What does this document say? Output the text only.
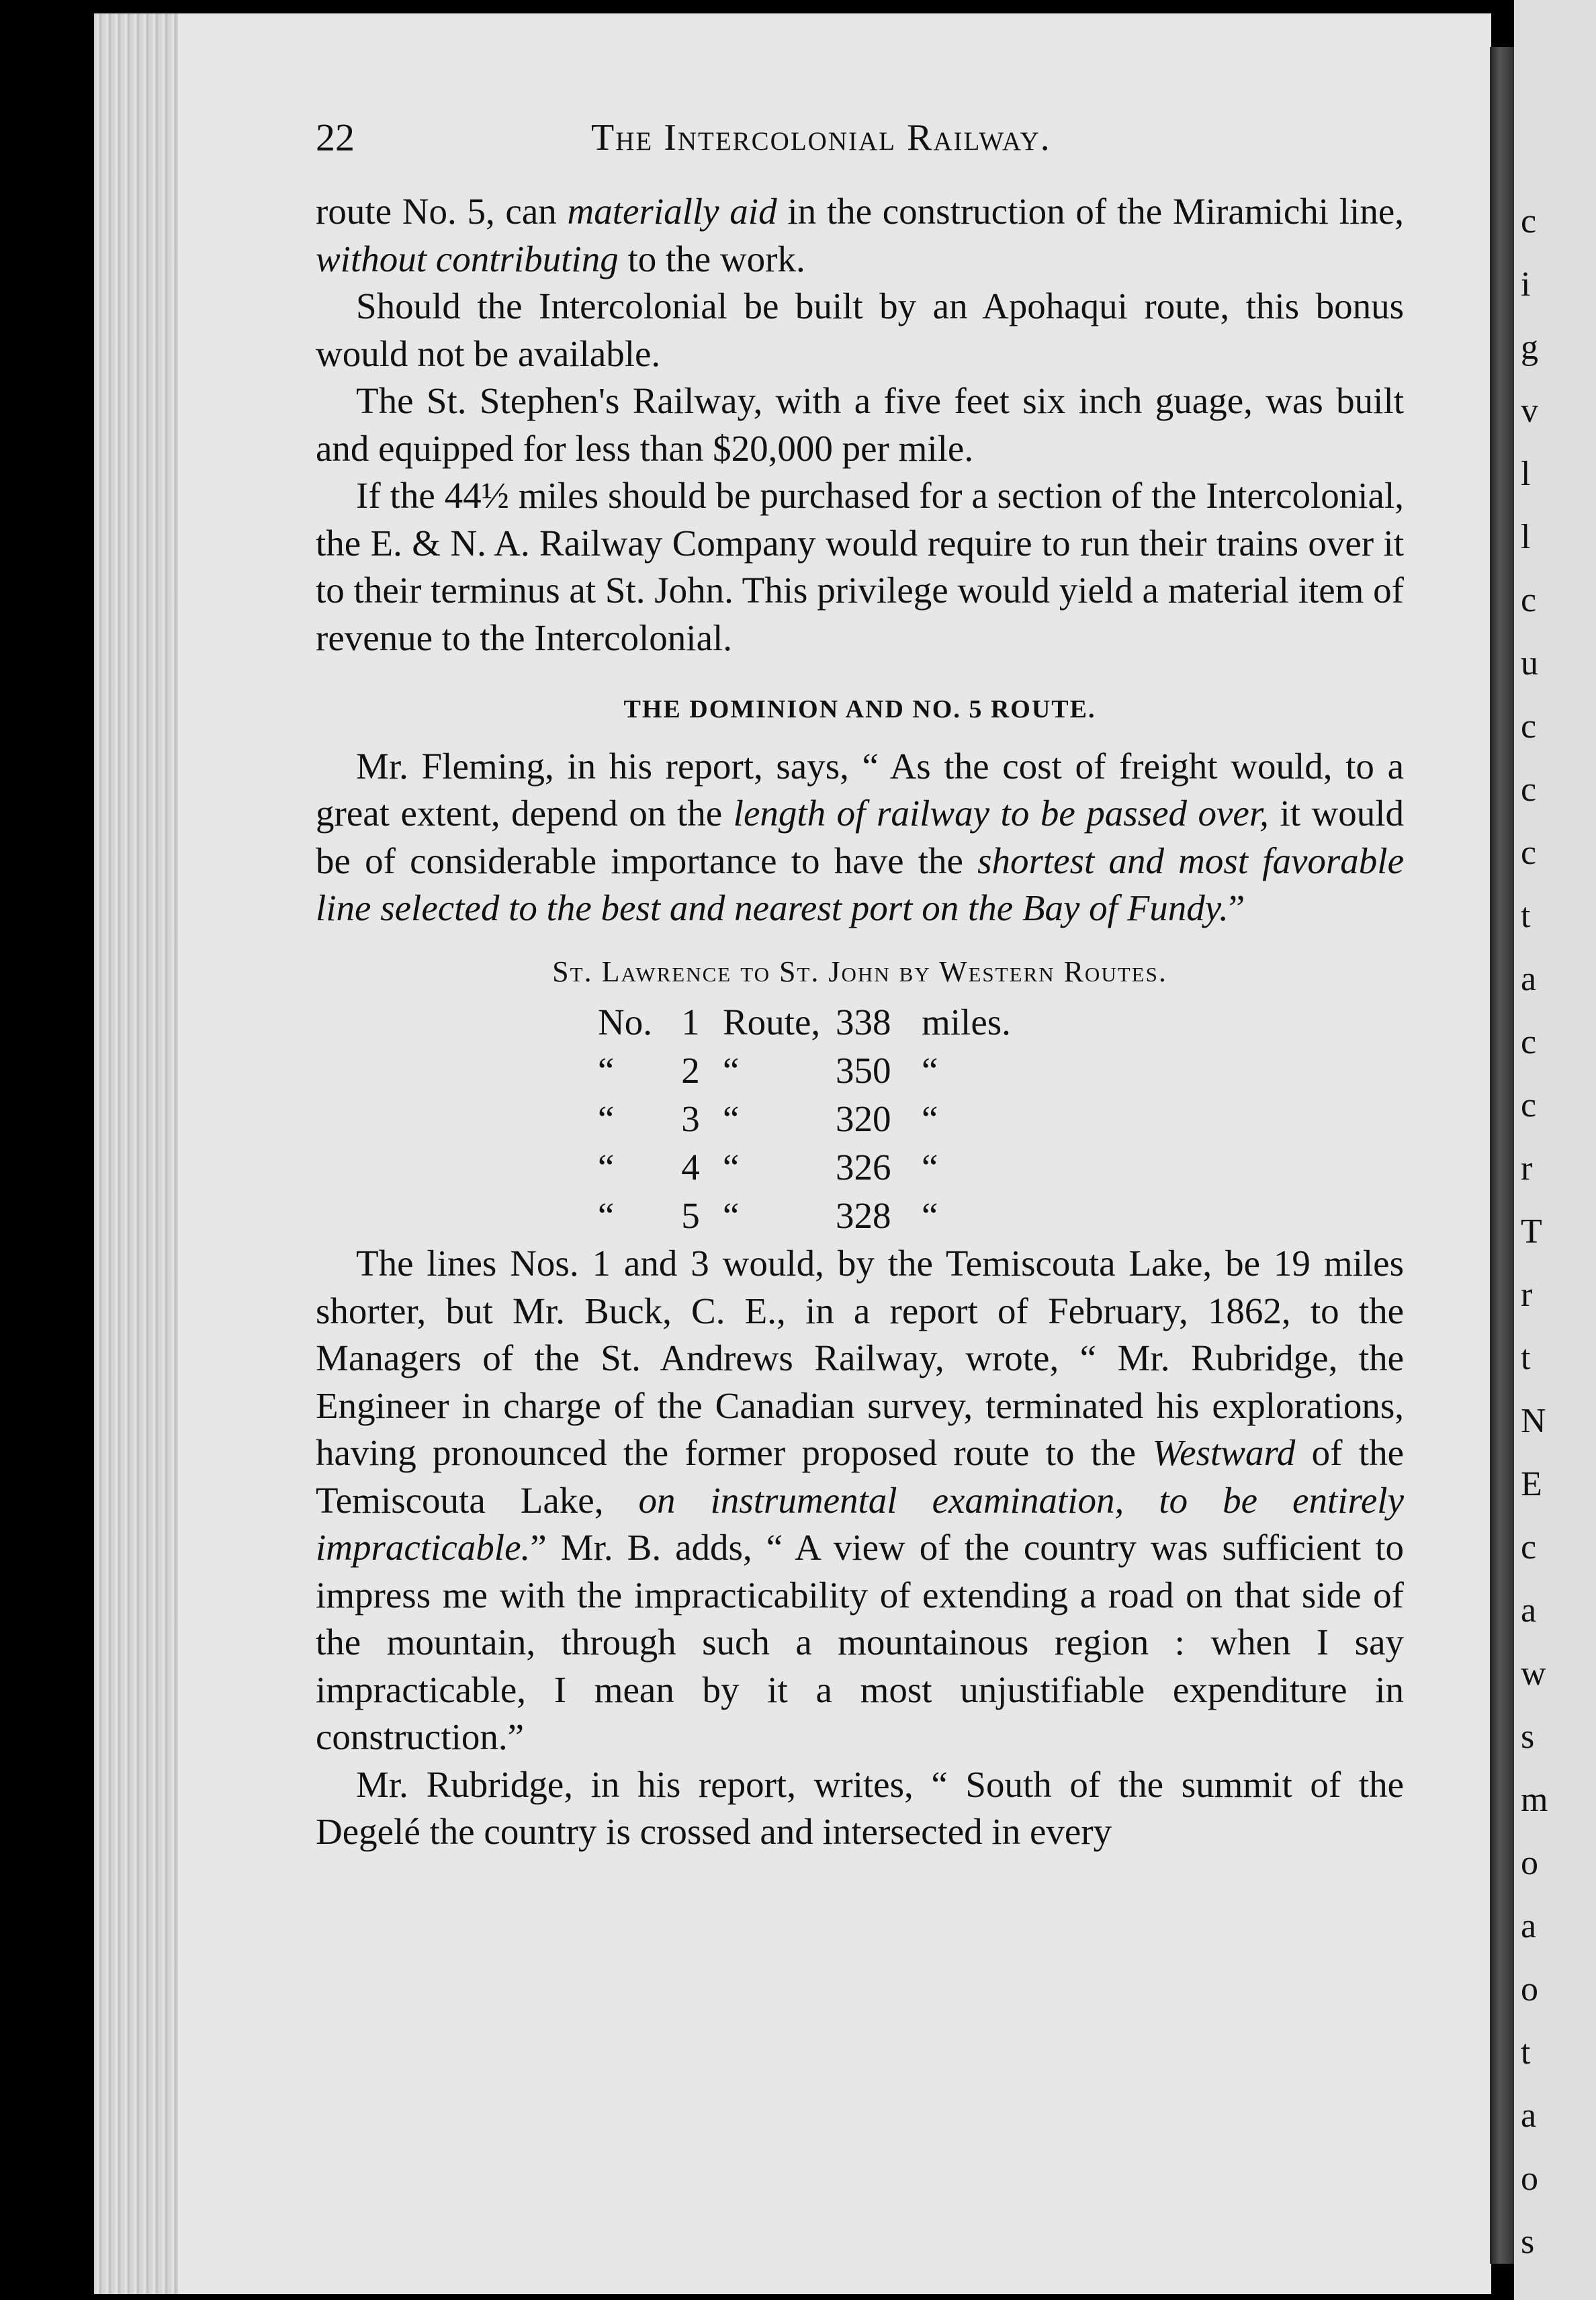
c
i
g
v
l
l
c
u
c
c
c
t
a
c
c
r
T
r
t
N
E
c
a
w
s
m
o
a
o
t
a
o
s
22	The Intercolonial Railway.

route No. 5, can materially aid in the construction of the Miramichi line, without contributing to the work.

Should the Intercolonial be built by an Apohaqui route, this bonus would not be available.

The St. Stephen's Railway, with a five feet six inch guage, was built and equipped for less than $20,000 per mile.

If the 44½ miles should be purchased for a section of the Intercolonial, the E. & N. A. Railway Company would require to run their trains over it to their terminus at St. John. This privilege would yield a material item of revenue to the Intercolonial.

THE DOMINION AND NO. 5 ROUTE.

Mr. Fleming, in his report, says, “ As the cost of freight would, to a great extent, depend on the length of railway to be passed over, it would be of considerable importance to have the shortest and most favorable line selected to the best and nearest port on the Bay of Fundy.”

St. Lawrence to St. John by Western Routes.
No.	1	Route,	338	miles.
“	2	“	350	“
“	3	“	320	“
“	4	“	326	“
“	5	“	328	“

The lines Nos. 1 and 3 would, by the Temiscouta Lake, be 19 miles shorter, but Mr. Buck, C. E., in a report of February, 1862, to the Managers of the St. Andrews Railway, wrote, “ Mr. Rubridge, the Engineer in charge of the Canadian survey, terminated his explorations, having pronounced the former proposed route to the Westward of the Temiscouta Lake, on instrumental examination, to be entirely impracticable.” Mr. B. adds, “ A view of the country was sufficient to impress me with the impracticability of extending a road on that side of the mountain, through such a mountainous region : when I say impracticable, I mean by it a most unjustifiable expenditure in construction.”

Mr. Rubridge, in his report, writes, “ South of the summit of the Degelé the country is crossed and intersected in every
